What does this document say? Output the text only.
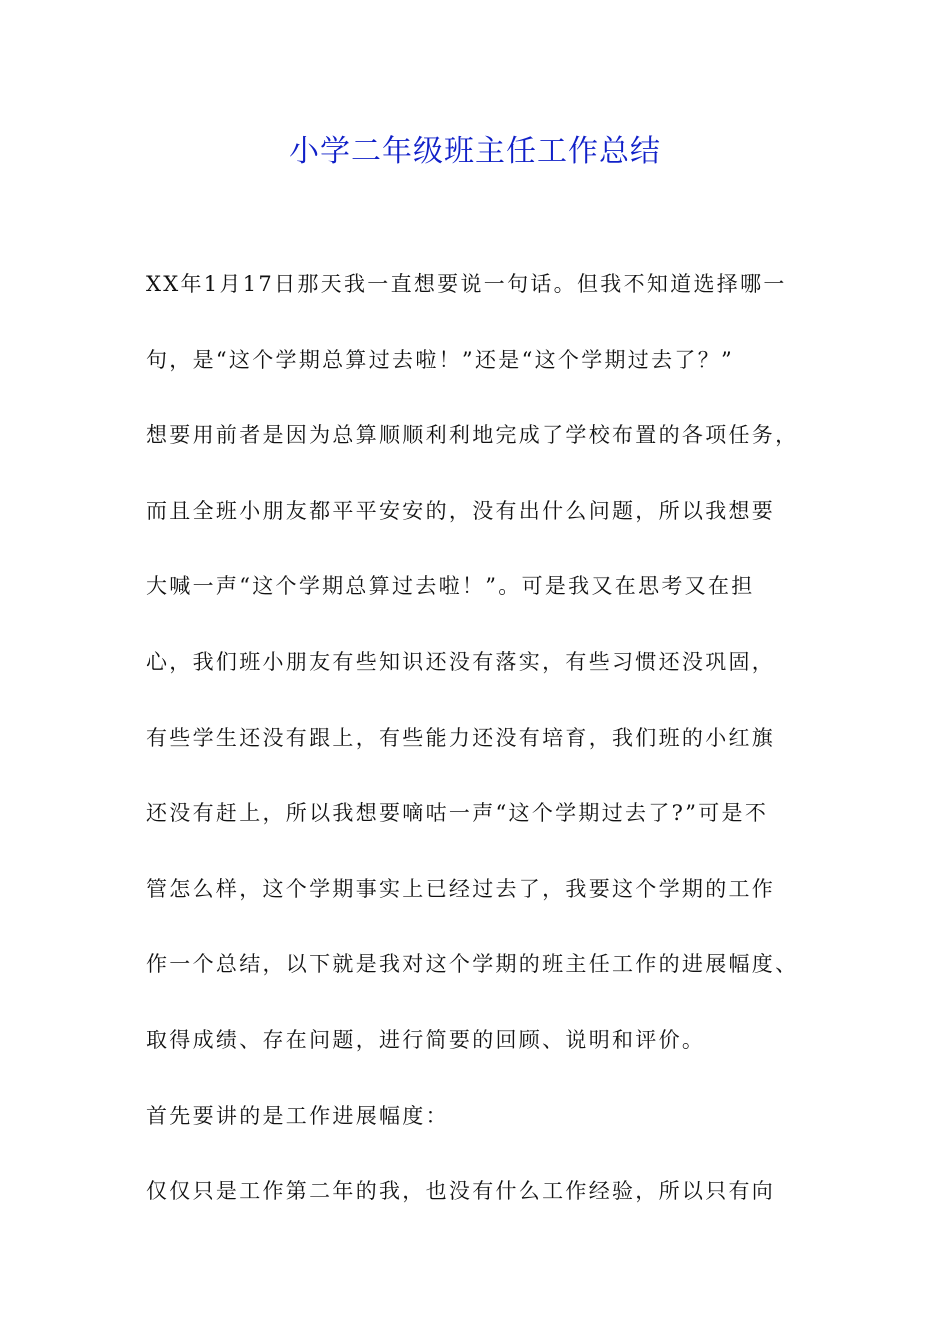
小学二年级班主任工作总结
XX年1月17日那天我一直想要说一句话。但我不知道选择哪一
句，是“这个学期总算过去啦！”还是“这个学期过去了？”
想要用前者是因为总算顺顺利利地完成了学校布置的各项任务，
而且全班小朋友都平平安安的，没有出什么问题，所以我想要
大喊一声“这个学期总算过去啦！”。可是我又在思考又在担
心，我们班小朋友有些知识还没有落实，有些习惯还没巩固，
有些学生还没有跟上，有些能力还没有培育，我们班的小红旗
还没有赶上，所以我想要嘀咕一声“这个学期过去了?”可是不
管怎么样，这个学期事实上已经过去了，我要这个学期的工作
作一个总结，以下就是我对这个学期的班主任工作的进展幅度、
取得成绩、存在问题，进行简要的回顾、说明和评价。
首先要讲的是工作进展幅度：
仅仅只是工作第二年的我，也没有什么工作经验，所以只有向
